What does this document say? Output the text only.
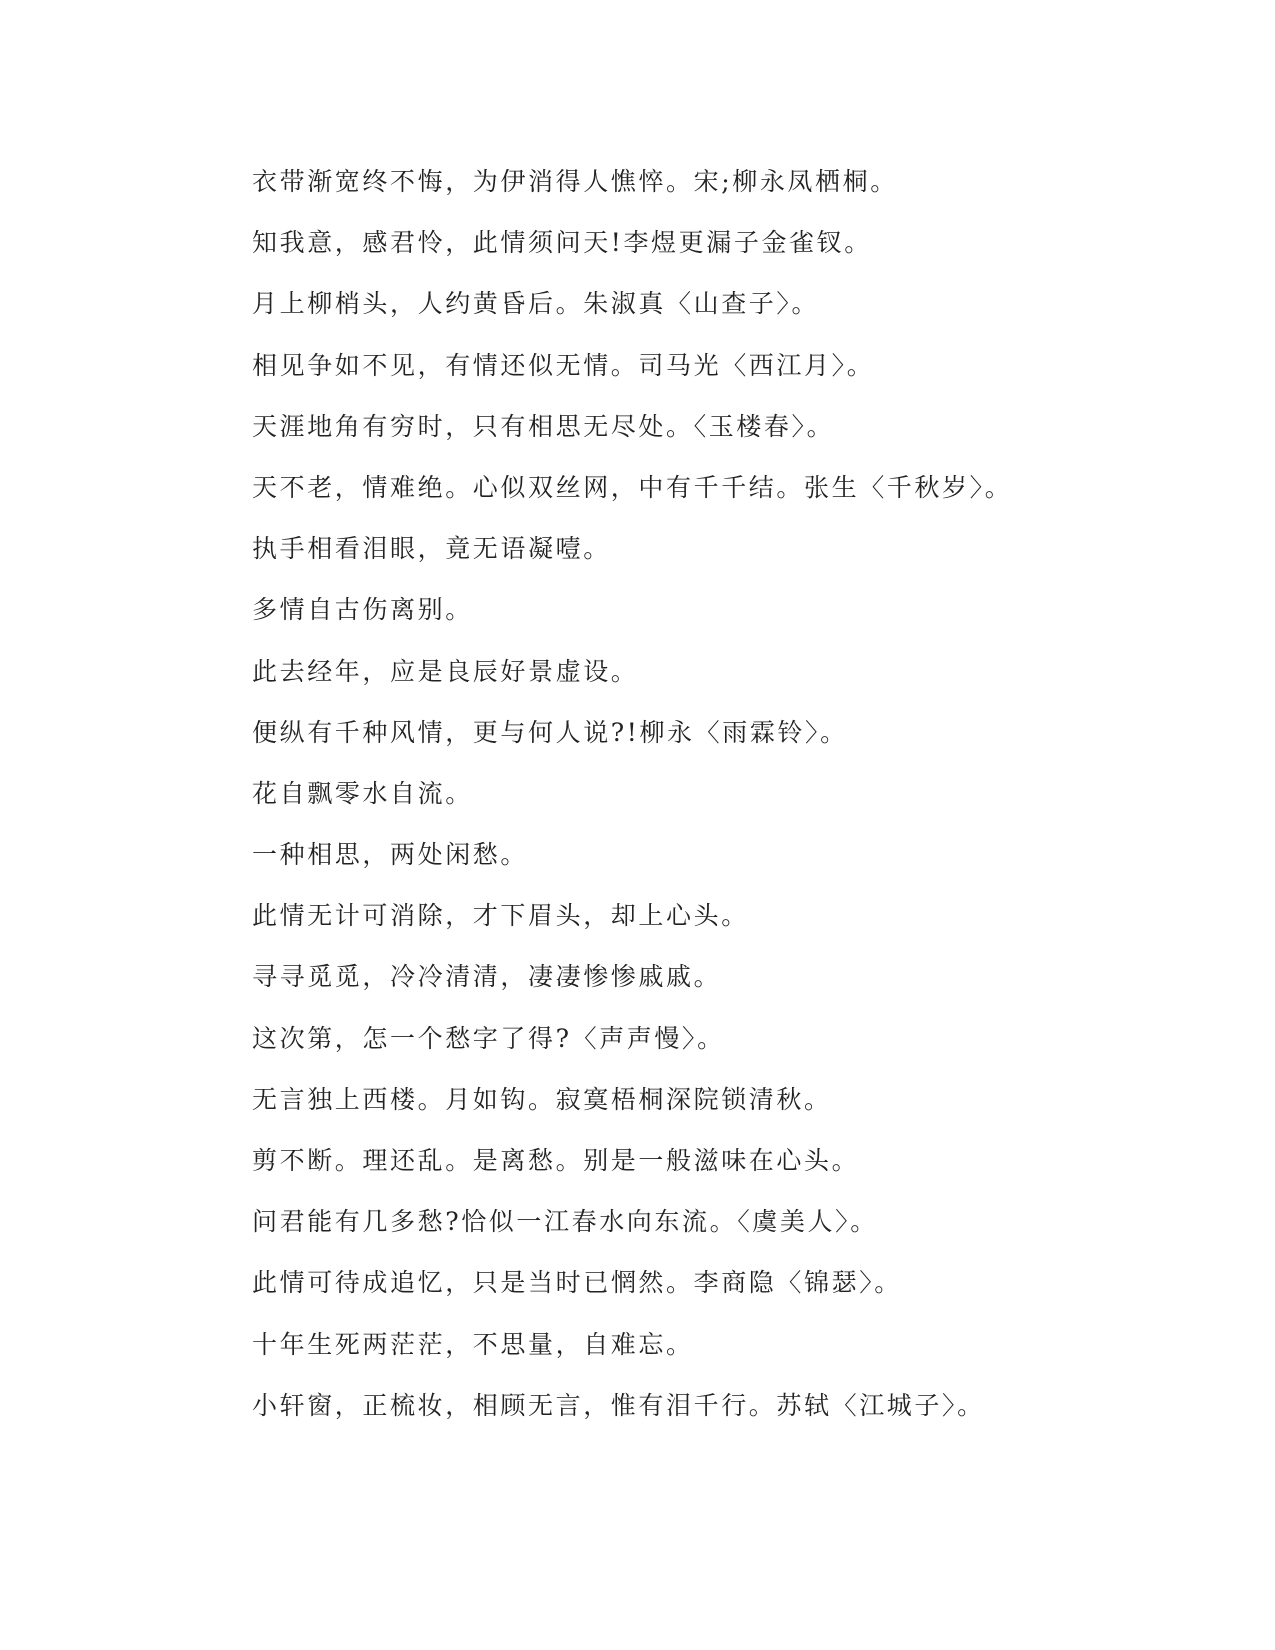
衣带渐宽终不悔，为伊消得人憔悴。宋;柳永凤栖桐。
知我意，感君怜，此情须问天!李煜更漏子金雀钗。
月上柳梢头，人约黄昏后。朱淑真〈山查子〉。
相见争如不见，有情还似无情。司马光〈西江月〉。
天涯地角有穷时，只有相思无尽处。〈玉楼春〉。
天不老，情难绝。心似双丝网，中有千千结。张生〈千秋岁〉。
执手相看泪眼，竟无语凝噎。
多情自古伤离别。
此去经年，应是良辰好景虚设。
便纵有千种风情，更与何人说?!柳永〈雨霖铃〉。
花自飘零水自流。
一种相思，两处闲愁。
此情无计可消除，才下眉头，却上心头。
寻寻觅觅，冷冷清清，凄凄惨惨戚戚。
这次第，怎一个愁字了得?〈声声慢〉。
无言独上西楼。月如钩。寂寞梧桐深院锁清秋。
剪不断。理还乱。是离愁。别是一般滋味在心头。
问君能有几多愁?恰似一江春水向东流。〈虞美人〉。
此情可待成追忆，只是当时已惘然。李商隐〈锦瑟〉。
十年生死两茫茫，不思量，自难忘。
小轩窗，正梳妆，相顾无言，惟有泪千行。苏轼〈江城子〉。
